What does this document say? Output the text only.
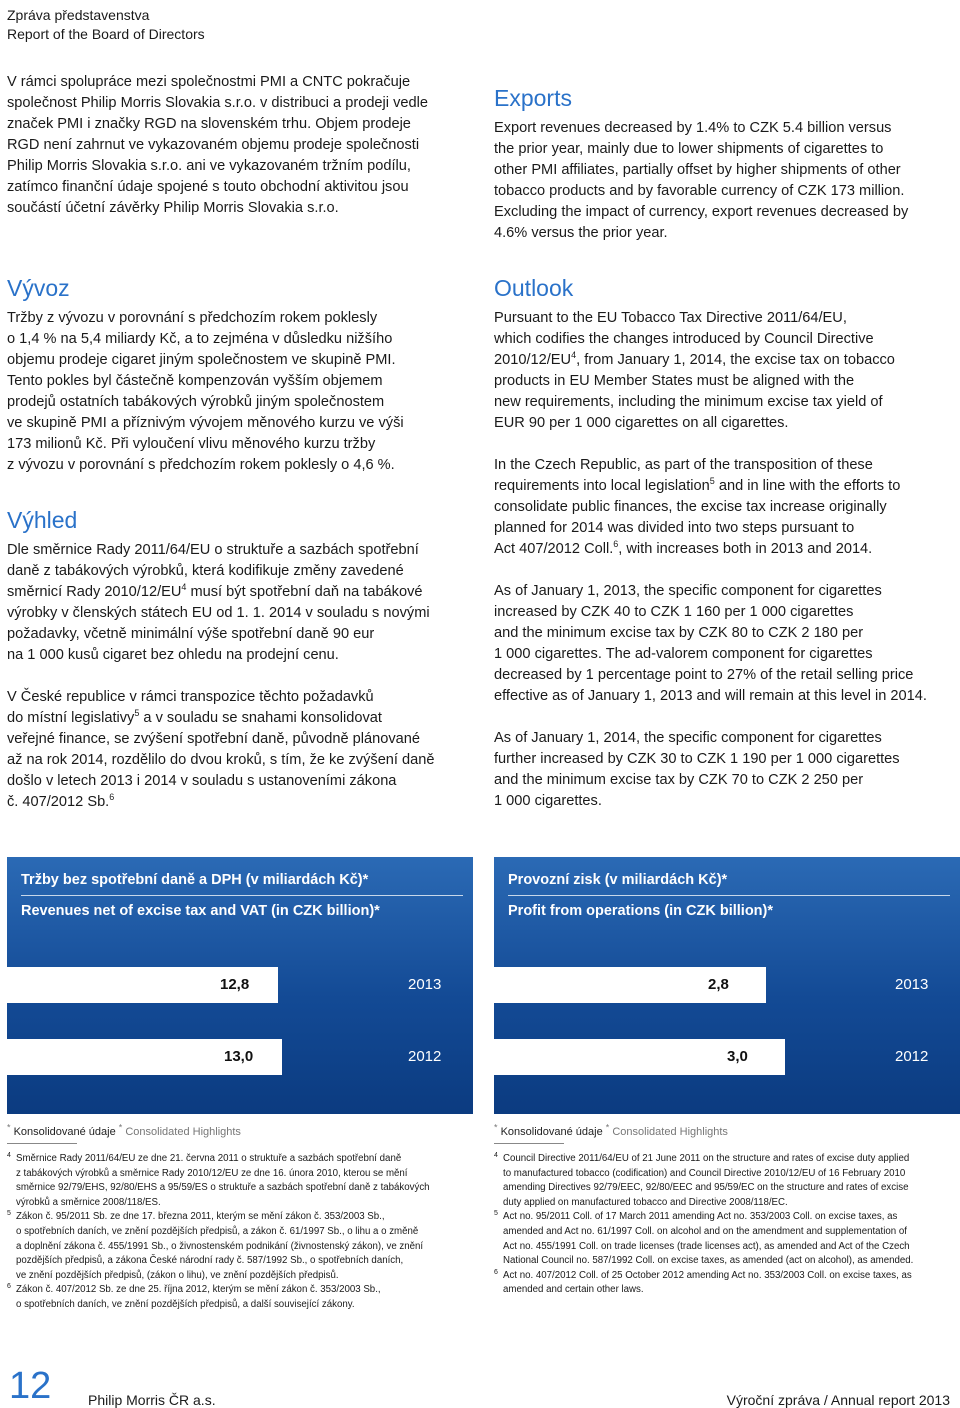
Zpráva představenstva
Report of the Board of Directors

V rámci spolupráce mezi společnostmi PMI a CNTC pokračuje
společnost Philip Morris Slovakia s.r.o. v distribuci a prodeji vedle
značek PMI i značky RGD na slovenském trhu. Objem prodeje
RGD není zahrnut ve vykazovaném objemu prodeje společnosti
Philip Morris Slovakia s.r.o. ani ve vykazovaném tržním podílu,
zatímco finanční údaje spojené s touto obchodní aktivitou jsou
součástí účetní závěrky Philip Morris Slovakia s.r.o.

Vývoz

Tržby z vývozu v porovnání s předchozím rokem poklesly
o 1,4 % na 5,4 miliardy Kč, a to zejména v důsledku nižšího
objemu prodeje cigaret jiným společnostem ve skupině PMI.
Tento pokles byl částečně kompenzován vyšším objemem
prodejů ostatních tabákových výrobků jiným společnostem
ve skupině PMI a příznivým vývojem měnového kurzu ve výši
173 milionů Kč. Při vyloučení vlivu měnového kurzu tržby
z vývozu v porovnání s předchozím rokem poklesly o 4,6 %.

Výhled

Dle směrnice Rady 2011/64/EU o struktuře a sazbách spotřební
daně z tabákových výrobků, která kodifikuje změny zavedené
směrnicí Rady $2010/12/EU^4$ musí být spotřební daň na tabákové
výrobky v členských státech EU od 1. 1. 2014 v souladu s novými
požadavky, včetně minimální výše spotřební daně 90 eur
na 1 000 kusů cigaret bez ohledu na prodejní cenu.

V České republice v rámci transpozice těchto požadavků
do místní legislativy$^5$ a v souladu se snahami konsolidovat
veřejné finance, se zvýšení spotřební daně, původně plánované
až na rok 2014, rozdělilo do dvou kroků, s tím, že ke zvýšení daně
došlo v letech 2013 i 2014 v souladu s ustanoveními zákona
č. 407/2012 Sb.$^6$

Exports

Export revenues decreased by 1.4% to CZK 5.4 billion versus
the prior year, mainly due to lower shipments of cigarettes to
other PMI affiliates, partially offset by higher shipments of other
tobacco products and by favorable currency of CZK 173 million.
Excluding the impact of currency, export revenues decreased by
4.6% versus the prior year.

Outlook

Pursuant to the EU Tobacco Tax Directive 2011/64/EU,
which codifies the changes introduced by Council Directive
$2010/12/EU^4$, from January 1, 2014, the excise tax on tobacco
products in EU Member States must be aligned with the
new requirements, including the minimum excise tax yield of
EUR 90 per 1 000 cigarettes on all cigarettes.

In the Czech Republic, as part of the transposition of these
requirements into local legislation$^5$ and in line with the efforts to
consolidate public finances, the excise tax increase originally
planned for 2014 was divided into two steps pursuant to
Act 407/2012 Coll.$^6$, with increases both in 2013 and 2014.

As of January 1, 2013, the specific component for cigarettes
increased by CZK 40 to CZK 1 160 per 1 000 cigarettes
and the minimum excise tax by CZK 80 to CZK 2 180 per
1 000 cigarettes. The ad-valorem component for cigarettes
decreased by 1 percentage point to 27% of the retail selling price
effective as of January 1, 2013 and will remain at this level in 2014.

As of January 1, 2014, the specific component for cigarettes
further increased by CZK 30 to CZK 1 190 per 1 000 cigarettes
and the minimum excise tax by CZK 70 to CZK 2 250 per
1 000 cigarettes.

Tržby bez spotřební daně a DPH (v miliardách Kč)*
Revenues net of excise tax and VAT (in CZK billion)*
12,8	2013
13,0	2012
Provozní zisk (v miliardách Kč)*
Profit from operations (in CZK billion)*
2,8	2013
3,0	2012
* Konsolidované údaje * Consolidated Highlights	* Konsolidované údaje * Consolidated Highlights
4 Směrnice Rady 2011/64/EU ze dne 21. června 2011 o struktuře a sazbách spotřební daně
z tabákových výrobků a směrnice Rady 2010/12/EU ze dne 16. února 2010, kterou se mění
směrnice 92/79/EHS, 92/80/EHS a 95/59/ES o struktuře a sazbách spotřební daně z tabákových
výrobků a směrnice 2008/118/ES.
5 Zákon č. 95/2011 Sb. ze dne 17. března 2011, kterým se mění zákon č. 353/2003 Sb.,
o spotřebních daních, ve znění pozdějších předpisů, a zákon č. 61/1997 Sb., o lihu a o změně
a doplnění zákona č. 455/1991 Sb., o živnostenském podnikání (živnostenský zákon), ve znění
pozdějších předpisů, a zákona České národní rady č. 587/1992 Sb., o spotřebních daních,
ve znění pozdějších předpisů, (zákon o lihu), ve znění pozdějších předpisů.
6 Zákon č. 407/2012 Sb. ze dne 25. října 2012, kterým se mění zákon č. 353/2003 Sb.,
o spotřebních daních, ve znění pozdějších předpisů, a další související zákony.
4 Council Directive 2011/64/EU of 21 June 2011 on the structure and rates of excise duty applied
to manufactured tobacco (codification) and Council Directive 2010/12/EU of 16 February 2010
amending Directives 92/79/EEC, 92/80/EEC and 95/59/EC on the structure and rates of excise
duty applied on manufactured tobacco and Directive 2008/118/EC.
5 Act no. 95/2011 Coll. of 17 March 2011 amending Act no. 353/2003 Coll. on excise taxes, as
amended and Act no. 61/1997 Coll. on alcohol and on the amendment and supplementation of
Act no. 455/1991 Coll. on trade licenses (trade licenses act), as amended and Act of the Czech
National Council no. 587/1992 Coll. on excise taxes, as amended (act on alcohol), as amended.
6 Act no. 407/2012 Coll. of 25 October 2012 amending Act no. 353/2003 Coll. on excise taxes, as
amended and certain other laws.
12	Philip Morris ČR a.s.	Výroční zpráva / Annual report 2013
